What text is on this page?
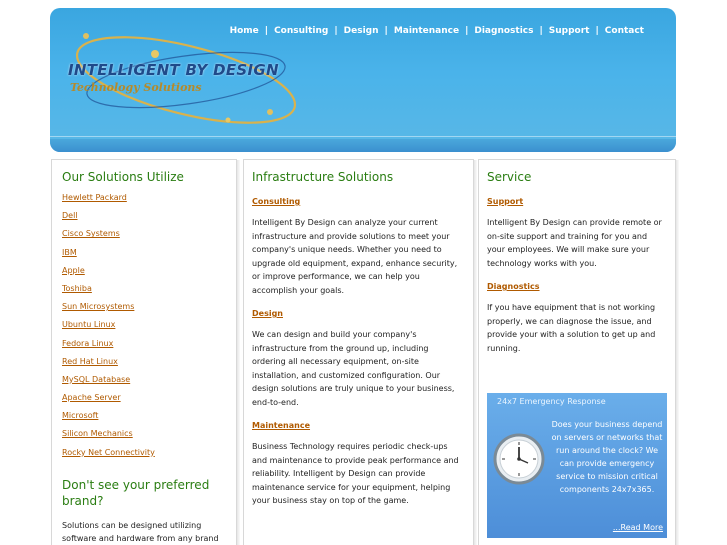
INTELLIGENT BY DESIGN
Technology Solutions
Home | Consulting | Design | Maintenance | Diagnostics | Support | Contact
Our Solutions Utilize
Hewlett Packard
Dell
Cisco Systems
IBM
Apple
Toshiba
Sun Microsystems
Ubuntu Linux
Fedora Linux
Red Hat Linux
MySQL Database
Apache Server
Microsoft
Silicon Mechanics
Rocky Net Connectivity
Don't see your preferred brand?

Solutions can be designed utilizing software and hardware from any brand

Infrastructure Solutions
Consulting

Intelligent By Design can analyze your current infrastructure and provide solutions to meet your company's unique needs. Whether you need to upgrade old equipment, expand, enhance security, or improve performance, we can help you accomplish your goals.

Design

We can design and build your company's infrastructure from the ground up, including ordering all necessary equipment, on-site installation, and customized configuration. Our design solutions are truly unique to your business, end-to-end.

Maintenance

Business Technology requires periodic check-ups and maintenance to provide peak performance and reliability. Intelligent by Design can provide maintenance service for your equipment, helping your business stay on top of the game.

Service
Support

Intelligent By Design can provide remote or on-site support and training for you and your employees. We will make sure your technology works with you.

Diagnostics

If you have equipment that is not working properly, we can diagnose the issue, and provide your with a solution to get up and running.

24x7 Emergency Response
Does your business depend on servers or networks that run around the clock? We can provide emergency service to mission critical components 24x7x365.
...Read More
